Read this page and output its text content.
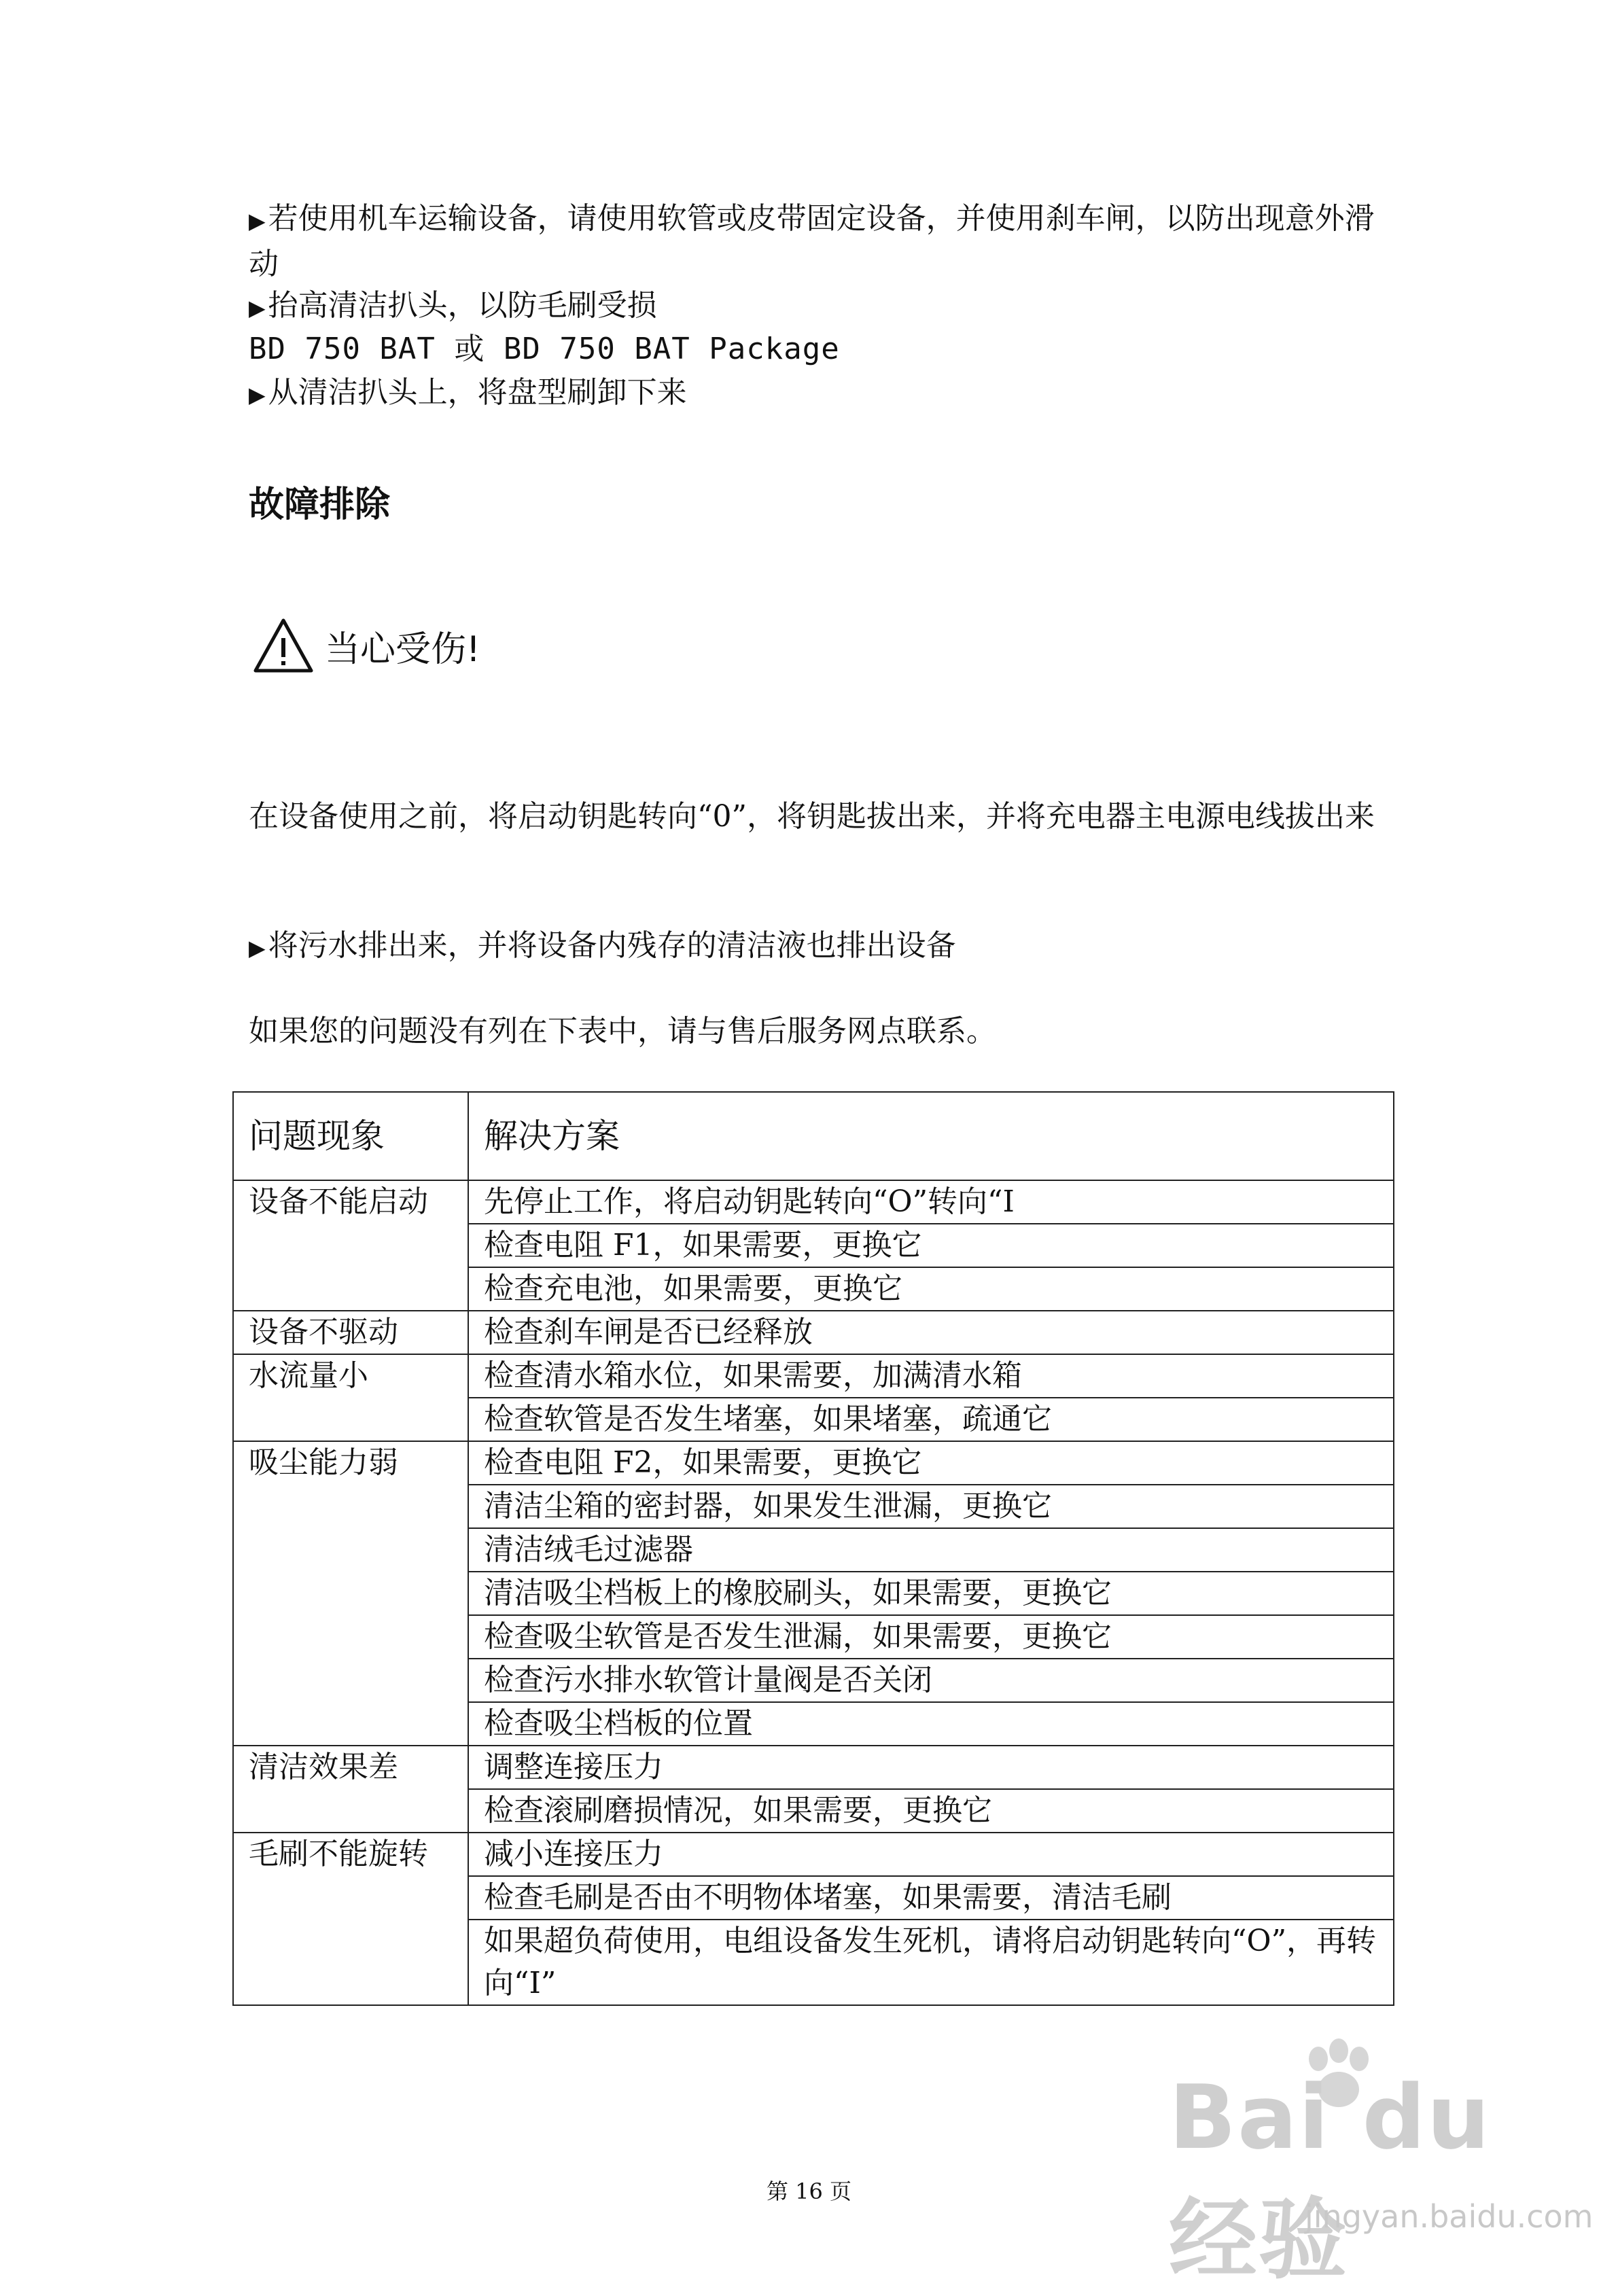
▶若使用机车运输设备，请使用软管或皮带固定设备，并使用刹车闸，以防出现意外滑动

▶抬高清洁扒头，以防毛刷受损

BD 750 BAT 或 BD 750 BAT Package

▶从清洁扒头上，将盘型刷卸下来

故障排除
当心受伤!

在设备使用之前，将启动钥匙转向“0”，将钥匙拔出来，并将充电器主电源电线拔出来

▶将污水排出来，并将设备内残存的清洁液也排出设备

如果您的问题没有列在下表中，请与售后服务网点联系。

问题现象	解决方案
设备不能启动	先停止工作，将启动钥匙转向“O”转向“I
	检查电阻 F1，如果需要，更换它
	检查充电池，如果需要，更换它
设备不驱动	检查刹车闸是否已经释放
水流量小	检查清水箱水位，如果需要，加满清水箱
	检查软管是否发生堵塞，如果堵塞，疏通它
吸尘能力弱	检查电阻 F2，如果需要，更换它
	清洁尘箱的密封器，如果发生泄漏，更换它
	清洁绒毛过滤器
	清洁吸尘档板上的橡胶刷头，如果需要，更换它
	检查吸尘软管是否发生泄漏，如果需要，更换它
	检查污水排水软管计量阀是否关闭
	检查吸尘档板的位置
清洁效果差	调整连接压力
	检查滚刷磨损情况，如果需要，更换它
毛刷不能旋转	减小连接压力
	检查毛刷是否由不明物体堵塞，如果需要，清洁毛刷
	如果超负荷使用，电组设备发生死机，请将启动钥匙转向“O”，再转向“I”
Bai du 经验
jingyan.baidu.com
第 16 页
